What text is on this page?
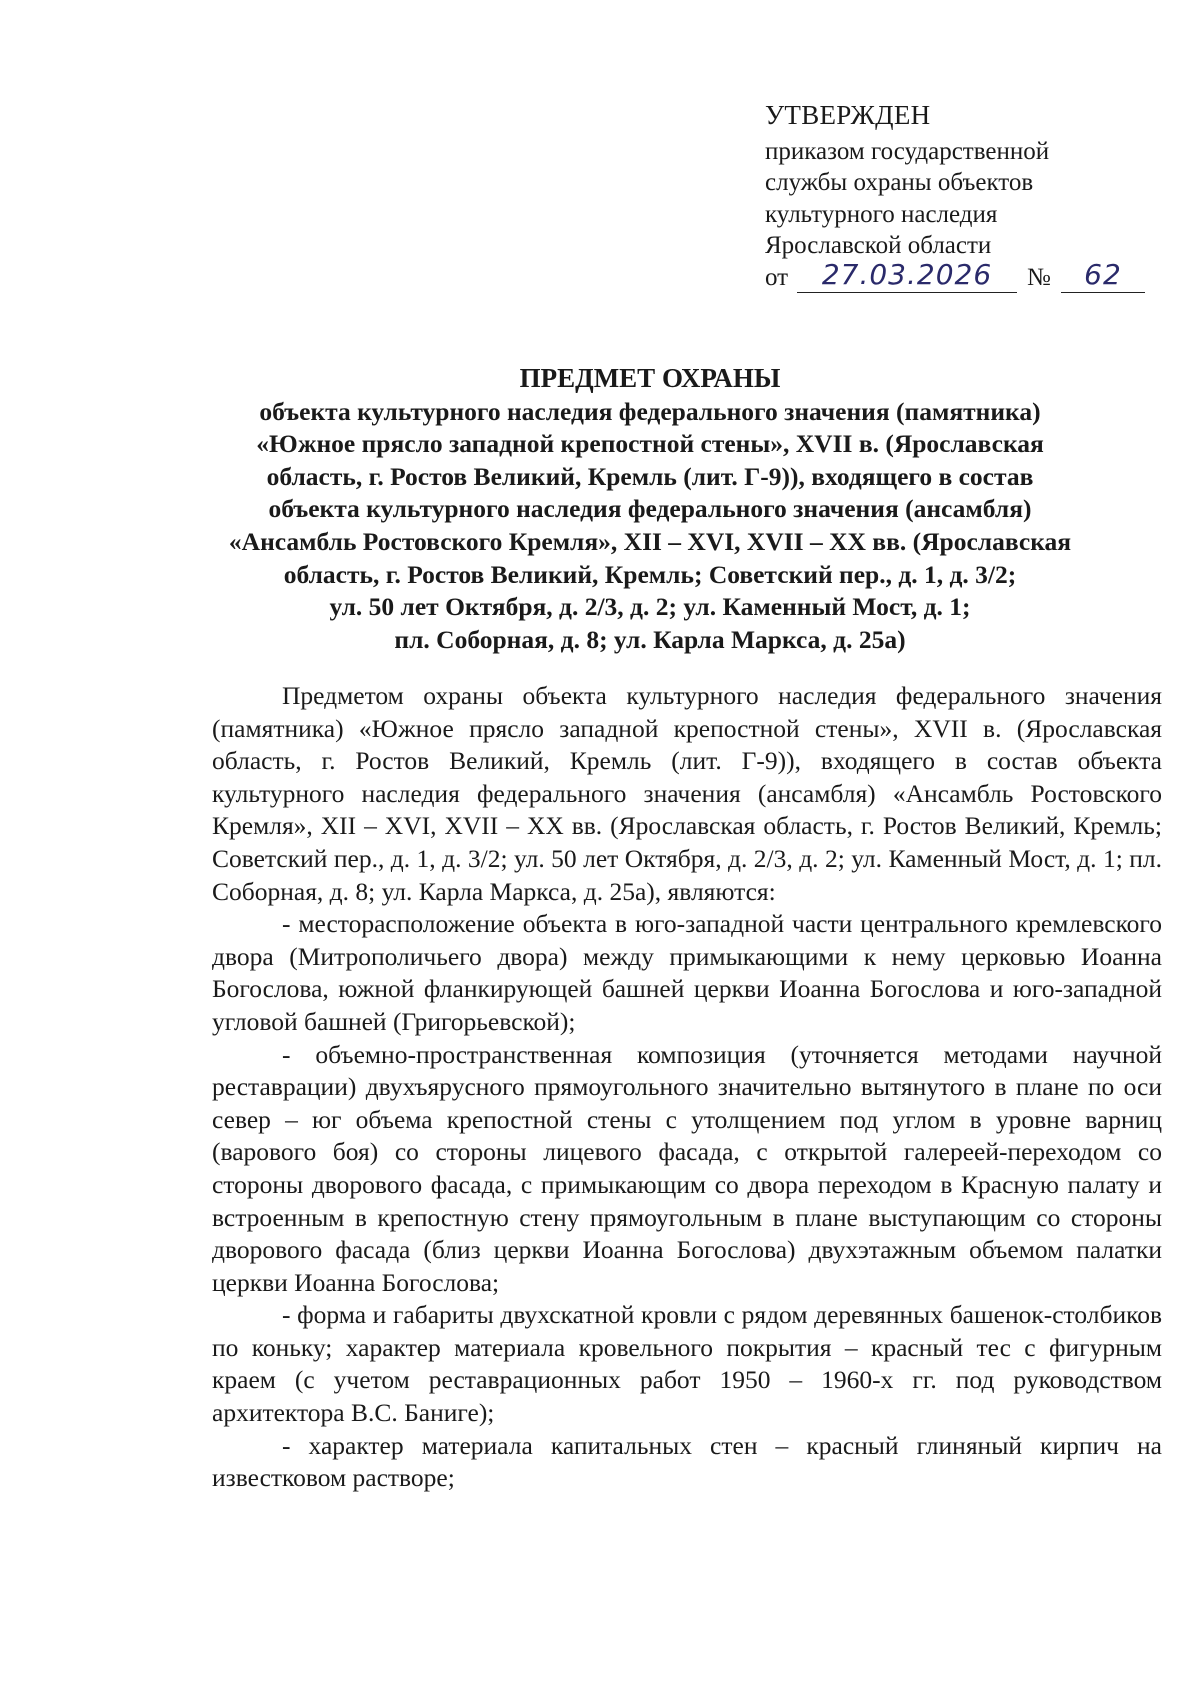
УТВЕРЖДЕН
приказом государственной
службы охраны объектов
культурного наследия
Ярославской области
от	27.03.2026	№	62
ПРЕДМЕТ ОХРАНЫ
объекта культурного наследия федерального значения (памятника)
«Южное прясло западной крепостной стены», XVII в. (Ярославская
область, г. Ростов Великий, Кремль (лит. Г-9)), входящего в состав
объекта культурного наследия федерального значения (ансамбля)
«Ансамбль Ростовского Кремля», XII – XVI, XVII – XX вв. (Ярославская
область, г. Ростов Великий, Кремль; Советский пер., д. 1, д. 3/2;
ул. 50 лет Октября, д. 2/3, д. 2; ул. Каменный Мост, д. 1;
пл. Соборная, д. 8; ул. Карла Маркса, д. 25а)

Предметом охраны объекта культурного наследия федерального значения (памятника) «Южное прясло западной крепостной стены», XVII в. (Ярославская область, г. Ростов Великий, Кремль (лит. Г-9)), входящего в состав объекта культурного наследия федерального значения (ансамбля) «Ансамбль Ростовского Кремля», XII – XVI, XVII – XX вв. (Ярославская область, г. Ростов Великий, Кремль; Советский пер., д. 1, д. 3/2; ул. 50 лет Октября, д. 2/3, д. 2; ул. Каменный Мост, д. 1; пл. Соборная, д. 8; ул. Карла Маркса, д. 25а), являются:

- месторасположение объекта в юго-западной части центрального кремлевского двора (Митрополичьего двора) между примыкающими к нему церковью Иоанна Богослова, южной фланкирующей башней церкви Иоанна Богослова и юго-западной угловой башней (Григорьевской);
- объемно-пространственная композиция (уточняется методами научной реставрации) двухъярусного прямоугольного значительно вытянутого в плане по оси север – юг объема крепостной стены с утолщением под углом в уровне варниц (варового боя) со стороны лицевого фасада, с открытой галереей-переходом со стороны дворового фасада, с примыкающим со двора переходом в Красную палату и встроенным в крепостную стену прямоугольным в плане выступающим со стороны дворового фасада (близ церкви Иоанна Богослова) двухэтажным объемом палатки церкви Иоанна Богослова;
- форма и габариты двухскатной кровли с рядом деревянных башенок-столбиков по коньку; характер материала кровельного покрытия – красный тес с фигурным краем (с учетом реставрационных работ 1950 – 1960-х гг. под руководством архитектора В.С. Баниге);
- характер материала капитальных стен – красный глиняный кирпич на известковом растворе;
